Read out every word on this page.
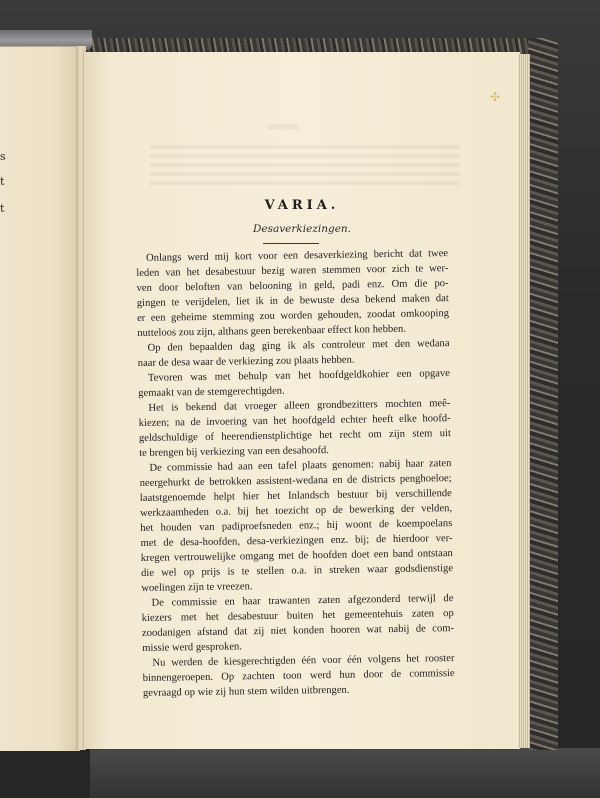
s
t
t
✣
VARIA.
Desaverkiezingen.
Onlangs werd mij kort voor een desaverkiezing bericht dat twee
leden van het desabestuur bezig waren stemmen voor zich te wer-
ven door beloften van belooning in geld, padi enz. Om die po-
gingen te verijdelen, liet ik in de bewuste desa bekend maken dat
er een geheime stemming zou worden gehouden, zoodat omkooping
nutteloos zou zijn, althans geen berekenbaar effect kon hebben.
Op den bepaalden dag ging ik als controleur met den wedana
naar de desa waar de verkiezing zou plaats hebben.
Tevoren was met behulp van het hoofdgeldkohier een opgave
gemaakt van de stemgerechtigden.
Het is bekend dat vroeger alleen grondbezitters mochten meê-
kiezen; na de invoering van het hoofdgeld echter heeft elke hoofd-
geldschuldige of heerendienstplichtige het recht om zijn stem uit
te brengen bij verkiezing van een desahoofd.
De commissie had aan een tafel plaats genomen: nabij haar zaten
neergehurkt de betrokken assistent-wedana en de districts penghoeloe;
laatstgenoemde helpt hier het Inlandsch bestuur bij verschillende
werkzaamheden o.a. bij het toezicht op de bewerking der velden,
het houden van padiproefsneden enz.; hij woont de koempoelans
met de desa-hoofden, desa-verkiezingen enz. bij; de hierdoor ver-
kregen vertrouwelijke omgang met de hoofden doet een band ontstaan
die wel op prijs is te stellen o.a. in streken waar godsdienstige
woelingen zijn te vreezen.
De commissie en haar trawanten zaten afgezonderd terwijl de
kiezers met het desabestuur buiten het gemeentehuis zaten op
zoodanigen afstand dat zij niet konden hooren wat nabij de com-
missie werd gesproken.
Nu werden de kiesgerechtigden één voor één volgens het rooster
binnengeroepen. Op zachten toon werd hun door de commissie
gevraagd op wie zij hun stem wilden uitbrengen.
